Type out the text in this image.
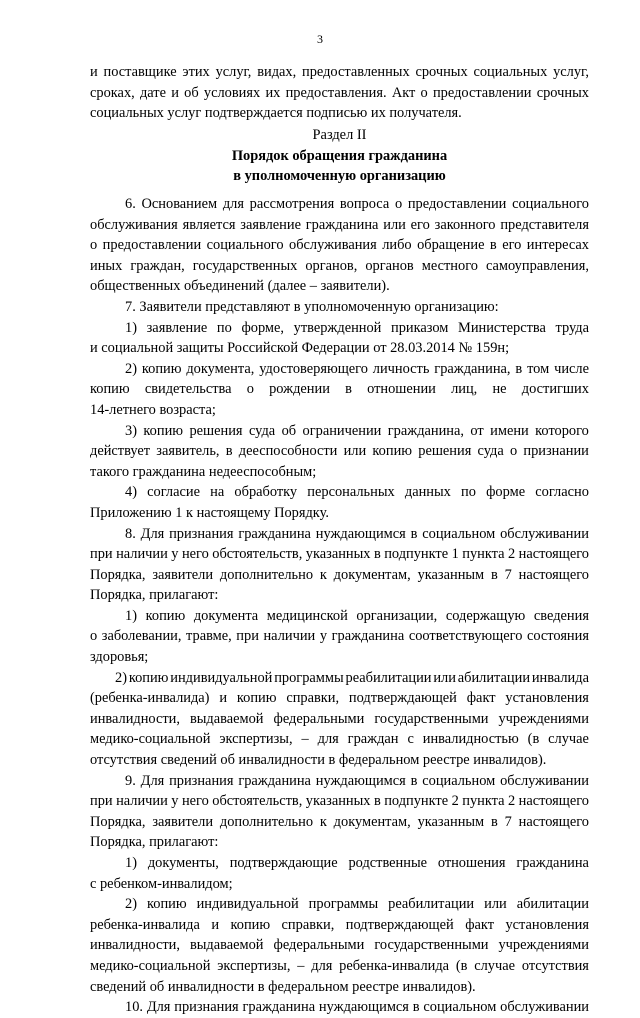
3
и поставщике этих услуг, видах, предоставленных срочных социальных услуг,
сроках, дате и об условиях их предоставления. Акт о предоставлении срочных
социальных услуг подтверждается подписью их получателя.
Раздел II
Порядок обращения гражданина
в уполномоченную организацию
6. Основанием для рассмотрения вопроса о предоставлении социального
обслуживания является заявление гражданина или его законного представителя
о предоставлении социального обслуживания либо обращение в его интересах
иных граждан, государственных органов, органов местного самоуправления,
общественных объединений (далее – заявители).
7. Заявители представляют в уполномоченную организацию:
1) заявление по форме, утвержденной приказом Министерства труда
и социальной защиты Российской Федерации от 28.03.2014 № 159н;
2) копию документа, удостоверяющего личность гражданина, в том числе
копию свидетельства о рождении в отношении лиц, не достигших
14-летнего возраста;
3) копию решения суда об ограничении гражданина, от имени которого
действует заявитель, в дееспособности или копию решения суда о признании
такого гражданина недееспособным;
4) согласие на обработку персональных данных по форме согласно
Приложению 1 к настоящему Порядку.
8. Для признания гражданина нуждающимся в социальном обслуживании
при наличии у него обстоятельств, указанных в подпункте 1 пункта 2 настоящего
Порядка, заявители дополнительно к документам, указанным в 7 настоящего
Порядка, прилагают:
1) копию документа медицинской организации, содержащую сведения
о заболевании, травме, при наличии у гражданина соответствующего состояния
здоровья;
2) копию индивидуальной программы реабилитации или абилитации инвалида
(ребенка-инвалида) и копию справки, подтверждающей факт установления
инвалидности, выдаваемой федеральными государственными учреждениями
медико-социальной экспертизы, – для граждан с инвалидностью (в случае
отсутствия сведений об инвалидности в федеральном реестре инвалидов).
9. Для признания гражданина нуждающимся в социальном обслуживании
при наличии у него обстоятельств, указанных в подпункте 2 пункта 2 настоящего
Порядка, заявители дополнительно к документам, указанным в 7 настоящего
Порядка, прилагают:
1) документы, подтверждающие родственные отношения гражданина
с ребенком-инвалидом;
2) копию индивидуальной программы реабилитации или абилитации
ребенка-инвалида и копию справки, подтверждающей факт установления
инвалидности, выдаваемой федеральными государственными учреждениями
медико-социальной экспертизы, – для ребенка-инвалида (в случае отсутствия
сведений об инвалидности в федеральном реестре инвалидов).
10. Для признания гражданина нуждающимся в социальном обслуживании
